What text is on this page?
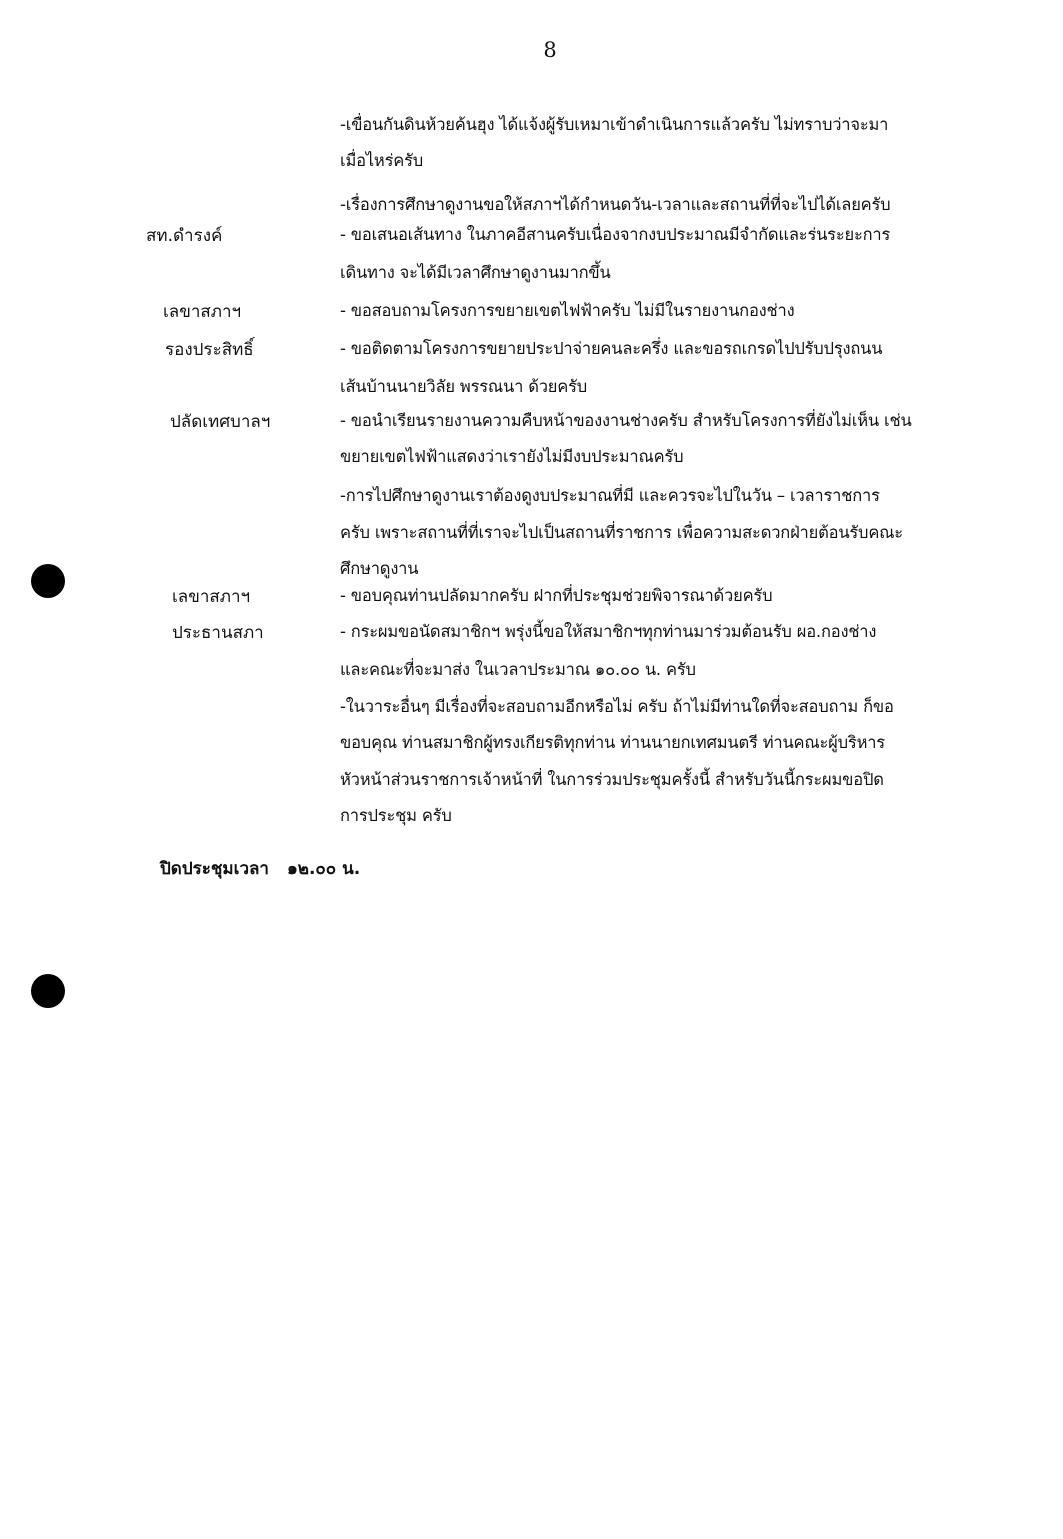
8
-เขื่อนกันดินห้วยค้นฮุง ได้แจ้งผู้รับเหมาเข้าดำเนินการแล้วครับ ไม่ทราบว่าจะมา
เมื่อไหร่ครับ
-เรื่องการศึกษาดูงานขอให้สภาฯได้กำหนดวัน-เวลาและสถานที่ที่จะไปได้เลยครับ
สท.ดำรงค์	- ขอเสนอเส้นทาง ในภาคอีสานครับเนื่องจากงบประมาณมีจำกัดและร่นระยะการ
เดินทาง จะได้มีเวลาศึกษาดูงานมากขึ้น
เลขาสภาฯ	- ขอสอบถามโครงการขยายเขตไฟฟ้าครับ ไม่มีในรายงานกองช่าง
รองประสิทธิ์	- ขอติดตามโครงการขยายประปาจ่ายคนละครึ่ง และขอรถเกรดไปปรับปรุงถนน
เส้นบ้านนายวิลัย พรรณนา ด้วยครับ
ปลัดเทศบาลฯ	- ขอนำเรียนรายงานความคืบหน้าของงานช่างครับ สำหรับโครงการที่ยังไม่เห็น เช่น
ขยายเขตไฟฟ้าแสดงว่าเรายังไม่มีงบประมาณครับ
-การไปศึกษาดูงานเราต้องดูงบประมาณที่มี และควรจะไปในวัน – เวลาราชการ
ครับ เพราะสถานที่ที่เราจะไปเป็นสถานที่ราชการ เพื่อความสะดวกฝ่ายต้อนรับคณะ
ศึกษาดูงาน
เลขาสภาฯ	- ขอบคุณท่านปลัดมากครับ ฝากที่ประชุมช่วยพิจารณาด้วยครับ
ประธานสภา	- กระผมขอนัดสมาชิกฯ พรุ่งนี้ขอให้สมาชิกฯทุกท่านมาร่วมต้อนรับ ผอ.กองช่าง
และคณะที่จะมาส่ง ในเวลาประมาณ ๑๐.๐๐ น. ครับ
-ในวาระอื่นๆ มีเรื่องที่จะสอบถามอีกหรือไม่ ครับ ถ้าไม่มีท่านใดที่จะสอบถาม ก็ขอ
ขอบคุณ ท่านสมาชิกผู้ทรงเกียรติทุกท่าน ท่านนายกเทศมนตรี ท่านคณะผู้บริหาร
หัวหน้าส่วนราชการเจ้าหน้าที่ ในการร่วมประชุมครั้งนี้ สำหรับวันนี้กระผมขอปิด
การประชุม ครับ
ปิดประชุมเวลา ๑๒.๐๐ น.
